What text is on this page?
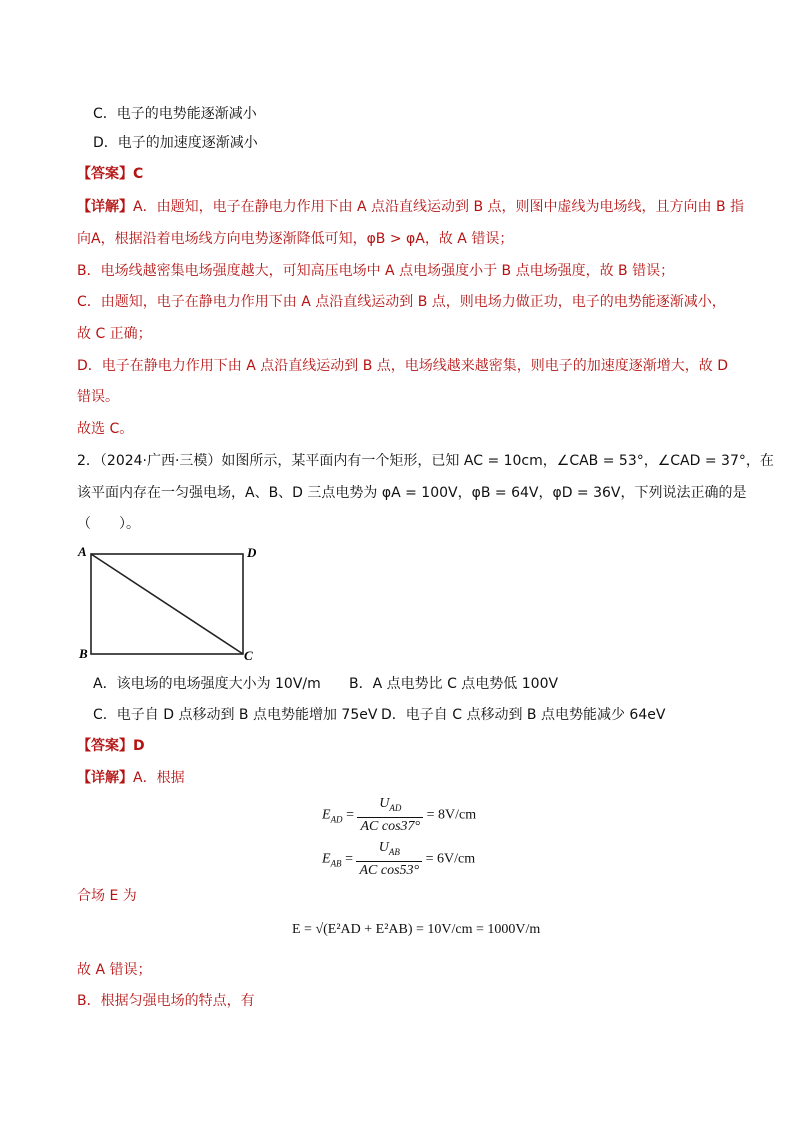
C．电子的电势能逐渐减小
D．电子的加速度逐渐减小
【答案】C
【详解】A．由题知，电子在静电力作用下由 A 点沿直线运动到 B 点，则图中虚线为电场线，且方向由 B 指
向A，根据沿着电场线方向电势逐渐降低可知，φB > φA，故 A 错误；
B．电场线越密集电场强度越大，可知高压电场中 A 点电场强度小于 B 点电场强度，故 B 错误；
C．由题知，电子在静电力作用下由 A 点沿直线运动到 B 点，则电场力做正功，电子的电势能逐渐减小，
故 C 正确；
D．电子在静电力作用下由 A 点沿直线运动到 B 点，电场线越来越密集，则电子的加速度逐渐增大，故 D
错误。
故选 C。
2．（2024·广西·三模）如图所示，某平面内有一个矩形，已知 AC = 10cm，∠CAB = 53°，∠CAD = 37°，在
该平面内存在一匀强电场，A、B、D 三点电势为 φA = 100V，φB = 64V，φD = 36V，下列说法正确的是
（　　）。
A	D
B	C
A．该电场的电场强度大小为 10V/m B．A 点电势比 C 点电势低 100V
C．电子自 D 点移动到 B 点电势能增加 75eV D．电子自 C 点移动到 B 点电势能减少 64eV
【答案】D
【详解】A．根据
$E_{AD} = \frac{U_{AD}}{\text{AC cos37°}} = 8V/cm$
$E_{AB} = \frac{U_{AB}}{\text{AC cos53°}} = 6V/cm$
合场 E 为
E = √(E²AD + E²AB) = 10V/cm = 1000V/m
故 A 错误；
B．根据匀强电场的特点，有
